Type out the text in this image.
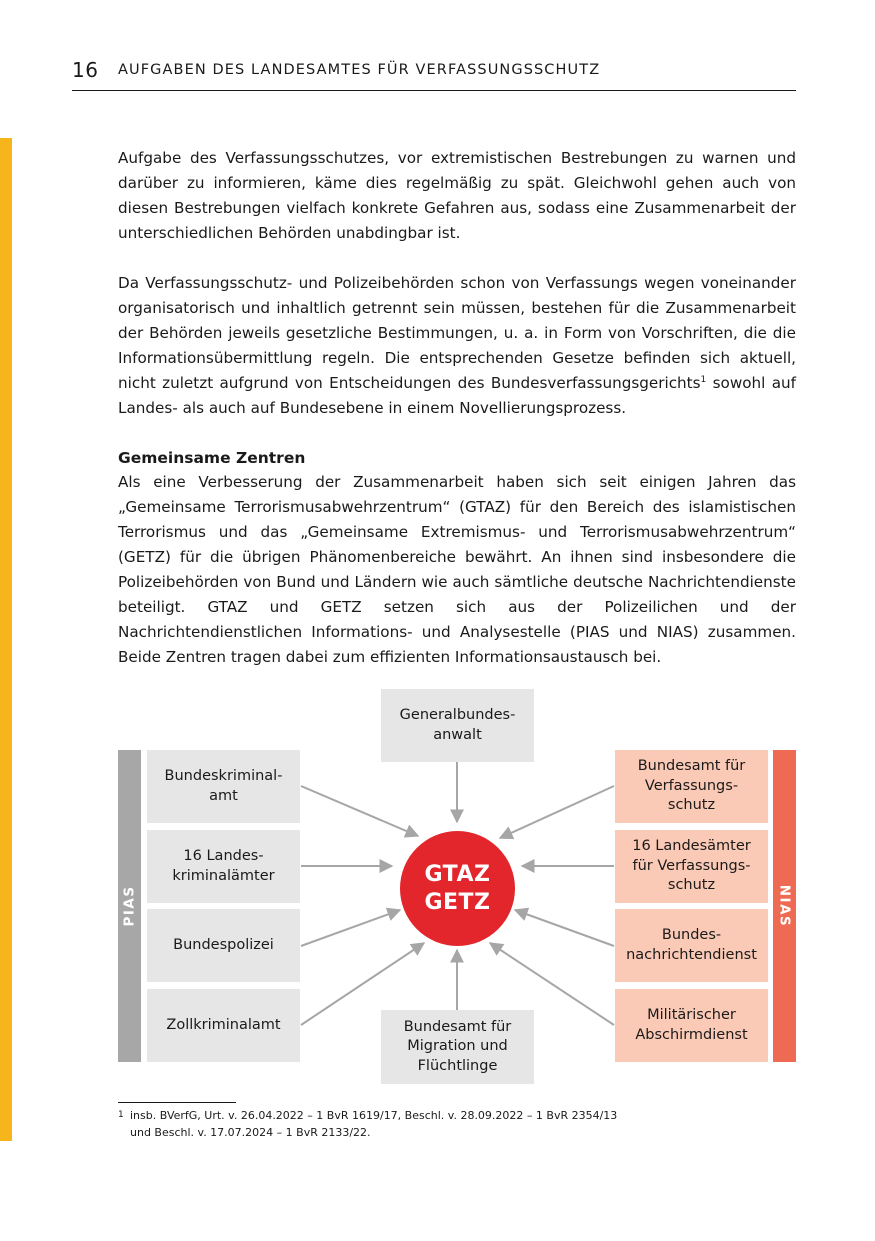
16 AUFGABEN DES LANDESAMTES FÜR VERFASSUNGSSCHUTZ

Aufgabe des Verfassungsschutzes, vor extremistischen Bestrebungen zu warnen und darüber zu informieren, käme dies regelmäßig zu spät. Gleichwohl gehen auch von diesen Bestrebungen vielfach konkrete Gefahren aus, sodass eine Zusammenarbeit der unterschiedlichen Behörden unabdingbar ist.

Da Verfassungsschutz- und Polizeibehörden schon von Verfassungs wegen voneinander organisatorisch und inhaltlich getrennt sein müssen, bestehen für die Zusammenarbeit der Behörden jeweils gesetzliche Bestimmungen, u. a. in Form von Vorschriften, die die Informationsübermittlung regeln. Die entsprechenden Gesetze befinden sich aktuell, nicht zuletzt aufgrund von Entscheidungen des Bundesverfassungsgerichts$^1$ sowohl auf Landes- als auch auf Bundesebene in einem Novellierungsprozess.

Gemeinsame Zentren

Als eine Verbesserung der Zusammenarbeit haben sich seit einigen Jahren das „Gemeinsame Terrorismusabwehrzentrum“ (GTAZ) für den Bereich des islamistischen Terrorismus und das „Gemeinsame Extremismus- und Terrorismusabwehrzentrum“ (GETZ) für die übrigen Phänomenbereiche bewährt. An ihnen sind insbesondere die Polizeibehörden von Bund und Ländern wie auch sämtliche deutsche Nachrichtendienste beteiligt. GTAZ und GETZ setzen sich aus der Polizeilichen und der Nachrichtendienstlichen Informations- und Analysestelle (PIAS und NIAS) zusammen. Beide Zentren tragen dabei zum effizienten Informationsaustausch bei.

Generalbundes-
anwalt
Bundesamt für
Migration und
Flüchtlinge
PIAS
Bundeskriminal-
amt
16 Landes-
kriminalämter
Bundespolizei
Zollkriminalamt
GTAZ
GETZ
Bundesamt für
Verfassungs-
schutz
16 Landesämter
für Verfassungs-
schutz
Bundes-
nachrichtendienst
Militärischer
Abschirmdienst
NIAS
1 insb. BVerfG, Urt. v. 26.04.2022 – 1 BvR 1619/17, Beschl. v. 28.09.2022 – 1 BvR 2354/13
und Beschl. v. 17.07.2024 – 1 BvR 2133/22.
